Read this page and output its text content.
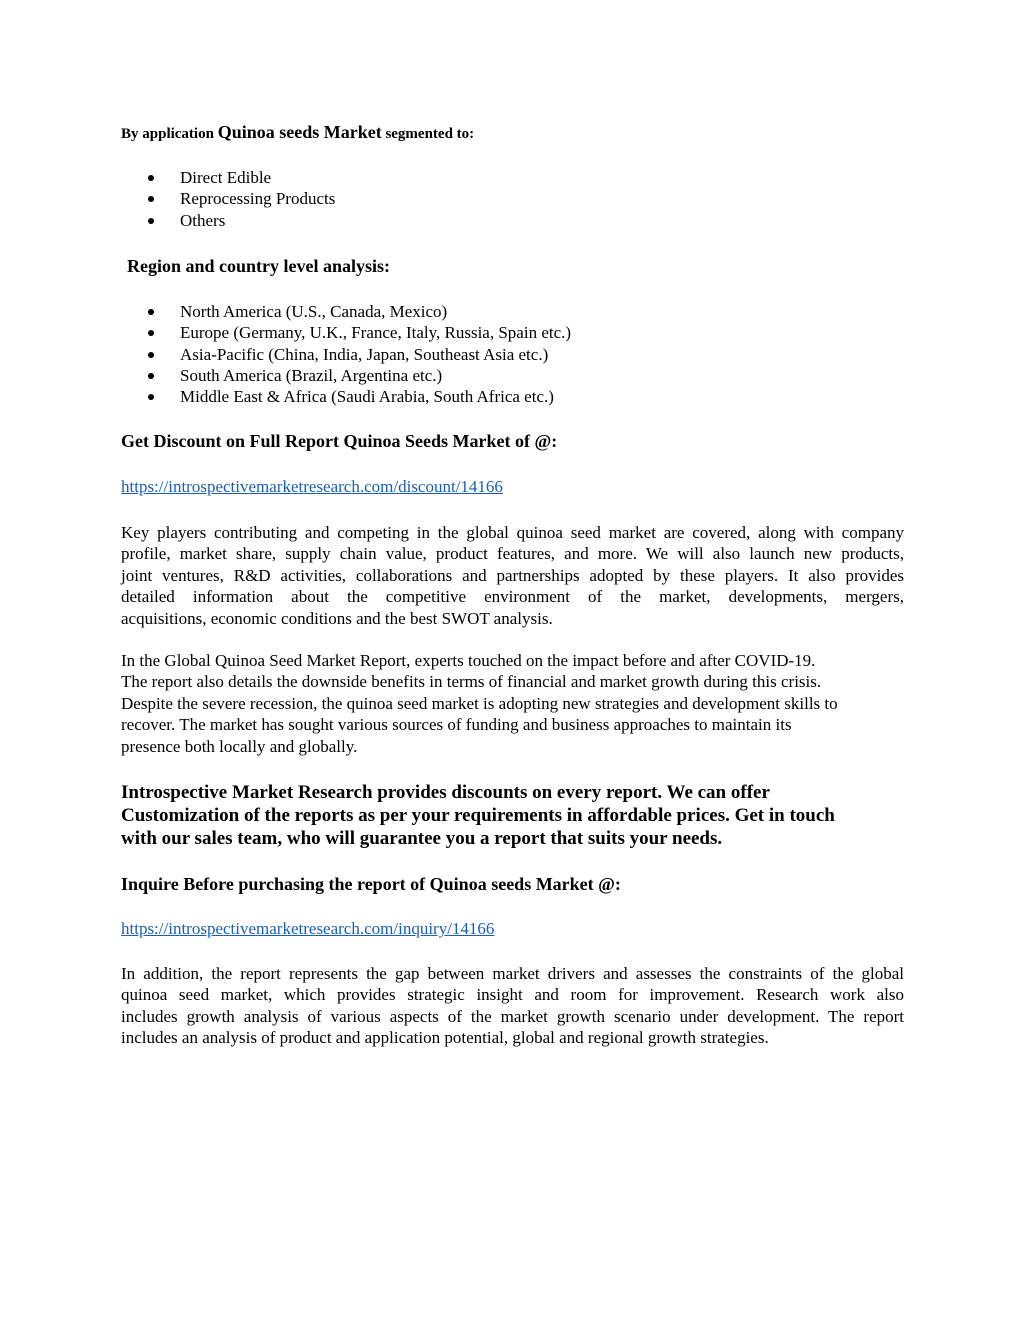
By application Quinoa seeds Market segmented to:
Direct Edible
Reprocessing Products
Others
Region and country level analysis:
North America (U.S., Canada, Mexico)
Europe (Germany, U.K., France, Italy, Russia, Spain etc.)
Asia-Pacific (China, India, Japan, Southeast Asia etc.)
South America (Brazil, Argentina etc.)
Middle East & Africa (Saudi Arabia, South Africa etc.)
Get Discount on Full Report Quinoa Seeds Market of @:
https://introspectivemarketresearch.com/discount/14166
Key players contributing and competing in the global quinoa seed market are covered, along with company
profile, market share, supply chain value, product features, and more. We will also launch new products,
joint ventures, R&D activities, collaborations and partnerships adopted by these players. It also provides
detailed information about the competitive environment of the market, developments, mergers,
acquisitions, economic conditions and the best SWOT analysis.
In the Global Quinoa Seed Market Report, experts touched on the impact before and after COVID-19.
The report also details the downside benefits in terms of financial and market growth during this crisis.
Despite the severe recession, the quinoa seed market is adopting new strategies and development skills to
recover. The market has sought various sources of funding and business approaches to maintain its
presence both locally and globally.
Introspective Market Research provides discounts on every report. We can offer
Customization of the reports as per your requirements in affordable prices. Get in touch
with our sales team, who will guarantee you a report that suits your needs.
Inquire Before purchasing the report of Quinoa seeds Market @:
https://introspectivemarketresearch.com/inquiry/14166
In addition, the report represents the gap between market drivers and assesses the constraints of the global
quinoa seed market, which provides strategic insight and room for improvement. Research work also
includes growth analysis of various aspects of the market growth scenario under development. The report
includes an analysis of product and application potential, global and regional growth strategies.
